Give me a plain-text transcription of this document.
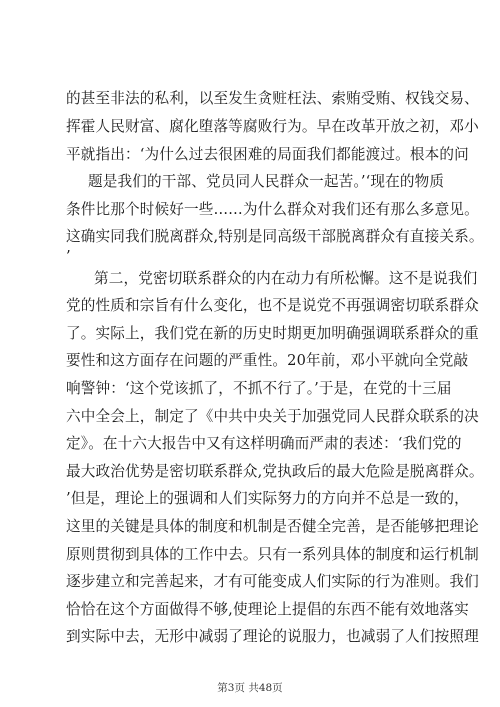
的甚至非法的私利，以至发生贪赃枉法、索贿受贿、权钱交易、
挥霍人民财富、腐化堕落等腐败行为。早在改革开放之初，邓小
平就指出：‘为什么过去很困难的局面我们都能渡过。根本的问
题是我们的干部、党员同人民群众一起苦。’‘现在的物质
条件比那个时候好一些……为什么群众对我们还有那么多意见。
这确实同我们脱离群众,特别是同高级干部脱离群众有直接关系。
’
第二，党密切联系群众的内在动力有所松懈。这不是说我们
党的性质和宗旨有什么变化，也不是说党不再强调密切联系群众
了。实际上，我们党在新的历史时期更加明确强调联系群众的重
要性和这方面存在问题的严重性。20年前，邓小平就向全党敲
响警钟：‘这个党该抓了，不抓不行了。’于是，在党的十三届
六中全会上，制定了《中共中央关于加强党同人民群众联系的决
定》。在十六大报告中又有这样明确而严肃的表述：‘我们党的
最大政治优势是密切联系群众,党执政后的最大危险是脱离群众。
’但是，理论上的强调和人们实际努力的方向并不总是一致的，
这里的关键是具体的制度和机制是否健全完善，是否能够把理论
原则贯彻到具体的工作中去。只有一系列具体的制度和运行机制
逐步建立和完善起来，才有可能变成人们实际的行为准则。我们
恰恰在这个方面做得不够,使理论上提倡的东西不能有效地落实
到实际中去，无形中减弱了理论的说服力，也减弱了人们按照理
第3页 共48页
